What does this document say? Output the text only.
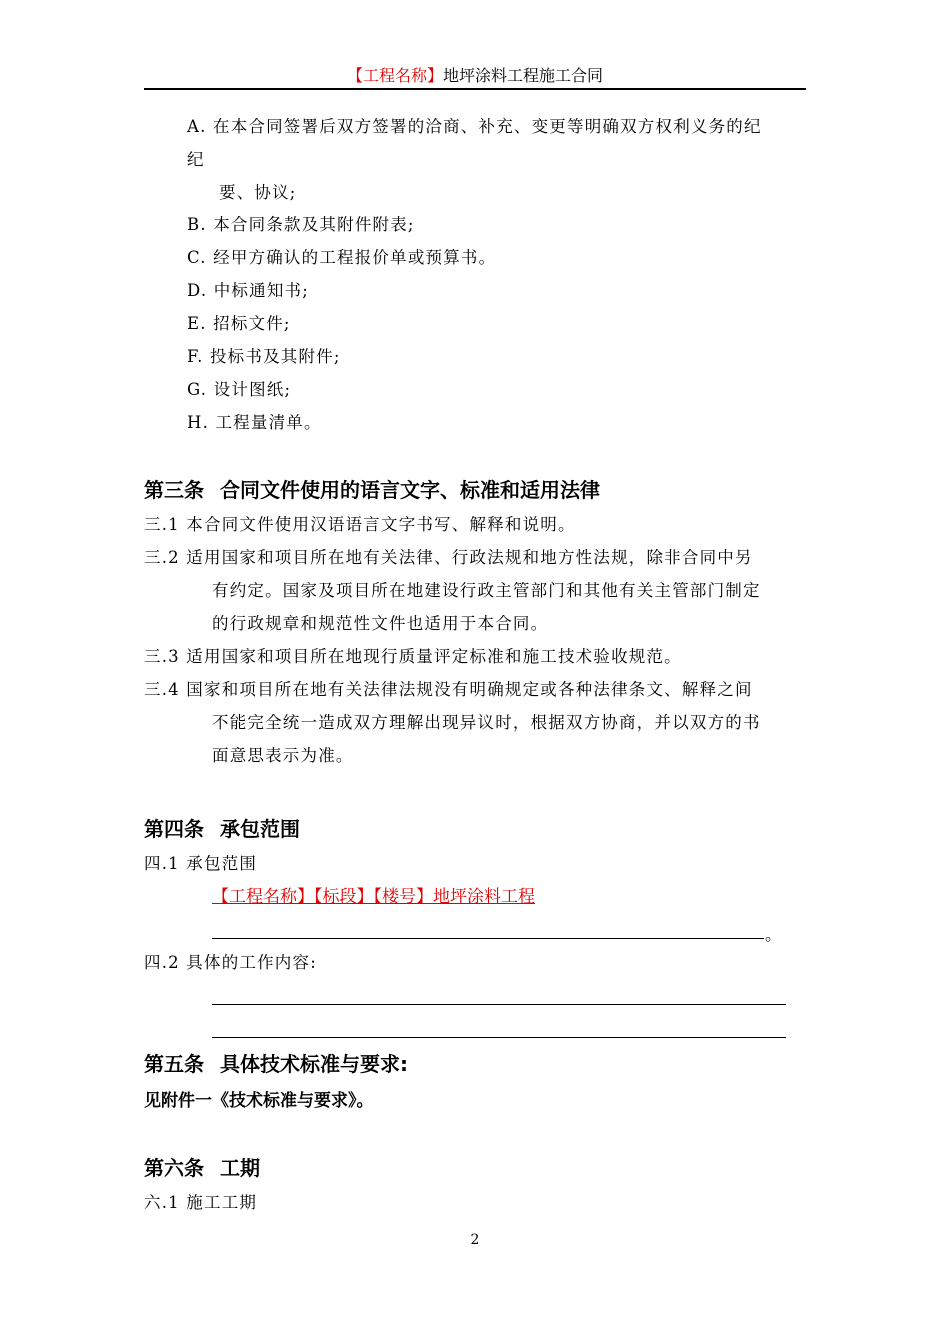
【工程名称】地坪涂料工程施工合同
A. 在本合同签署后双方签署的洽商、补充、变更等明确双方权利义务的纪
纪
要、协议;
B. 本合同条款及其附件附表;
C. 经甲方确认的工程报价单或预算书。
D. 中标通知书;
E. 招标文件;
F. 投标书及其附件;
G. 设计图纸;
H. 工程量清单。
第三条 合同文件使用的语言文字、标准和适用法律
三.1 本合同文件使用汉语语言文字书写、解释和说明。
三.2 适用国家和项目所在地有关法律、行政法规和地方性法规，除非合同中另
有约定。国家及项目所在地建设行政主管部门和其他有关主管部门制定
的行政规章和规范性文件也适用于本合同。
三.3 适用国家和项目所在地现行质量评定标准和施工技术验收规范。
三.4 国家和项目所在地有关法律法规没有明确规定或各种法律条文、解释之间
不能完全统一造成双方理解出现异议时，根据双方协商，并以双方的书
面意思表示为准。
第四条 承包范围
四.1 承包范围
【工程名称】【标段】【楼号】地坪涂料工程
。
四.2 具体的工作内容:
第五条 具体技术标准与要求:
见附件一《技术标准与要求》。
第六条 工期
六.1 施工工期
2
